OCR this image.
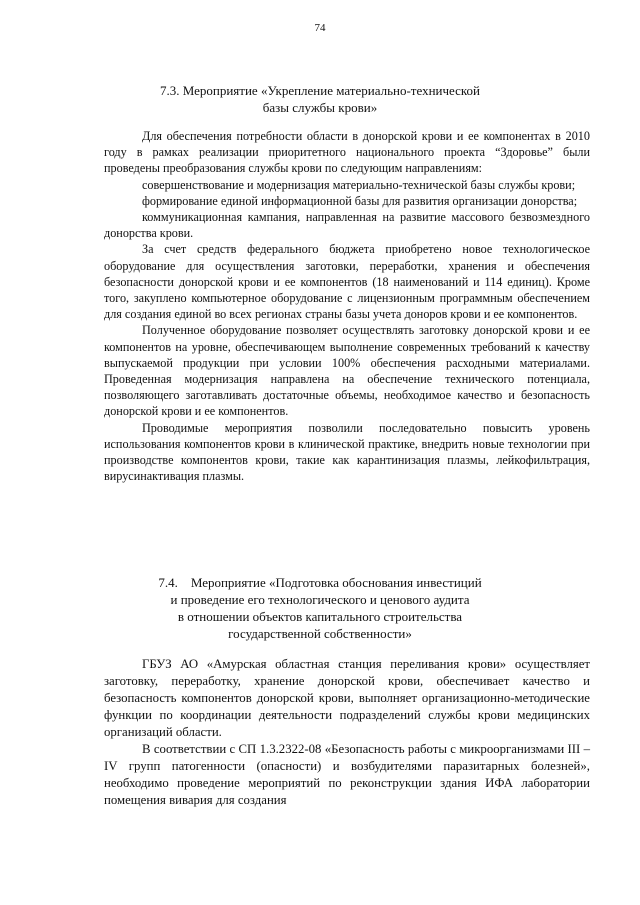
74
7.3. Мероприятие «Укрепление материально-технической
базы службы крови»

Для обеспечения потребности области в донорской крови и ее компонентах в 2010 году в рамках реализации приоритетного национального проекта “Здоровье” были проведены преобразования службы крови по следующим направлениям:

совершенствование и модернизация материально-технической базы службы крови;

формирование единой информационной базы для развития организации донорства;

коммуникационная кампания, направленная на развитие массового безвозмездного донорства крови.

За счет средств федерального бюджета приобретено новое технологическое оборудование для осуществления заготовки, переработки, хранения и обеспечения безопасности донорской крови и ее компонентов (18 наименований и 114 единиц). Кроме того, закуплено компьютерное оборудование с лицензионным программным обеспечением для создания единой во всех регионах страны базы учета доноров крови и ее компонентов.

Полученное оборудование позволяет осуществлять заготовку донорской крови и ее компонентов на уровне, обеспечивающем выполнение современных требований к качеству выпускаемой продукции при условии 100% обеспечения расходными материалами. Проведенная модернизация направлена на обеспечение технического потенциала, позволяющего заготавливать достаточные объемы, необходимое качество и безопасность донорской крови и ее компонентов.

Проводимые мероприятия позволили последовательно повысить уровень использования компонентов крови в клинической практике, внедрить новые технологии при производстве компонентов крови, такие как карантинизация плазмы, лейкофильтрация, вирусинактивация плазмы.

7.4.    Мероприятие «Подготовка обоснования инвестиций
и проведение его технологического и ценового аудита
в отношении объектов капитального строительства
государственной собственности»

ГБУЗ АО «Амурская областная станция переливания крови» осуществляет заготовку, переработку, хранение донорской крови, обеспечивает качество и безопасность компонентов донорской крови, выполняет организационно-методические функции по координации деятельности подразделений службы крови медицинских организаций области.

В соответствии с СП 1.3.2322-08 «Безопасность работы с микроорганизмами III – IV групп патогенности (опасности) и возбудителями паразитарных болезней», необходимо проведение мероприятий по реконструкции здания ИФА лаборатории помещения вивария для создания
